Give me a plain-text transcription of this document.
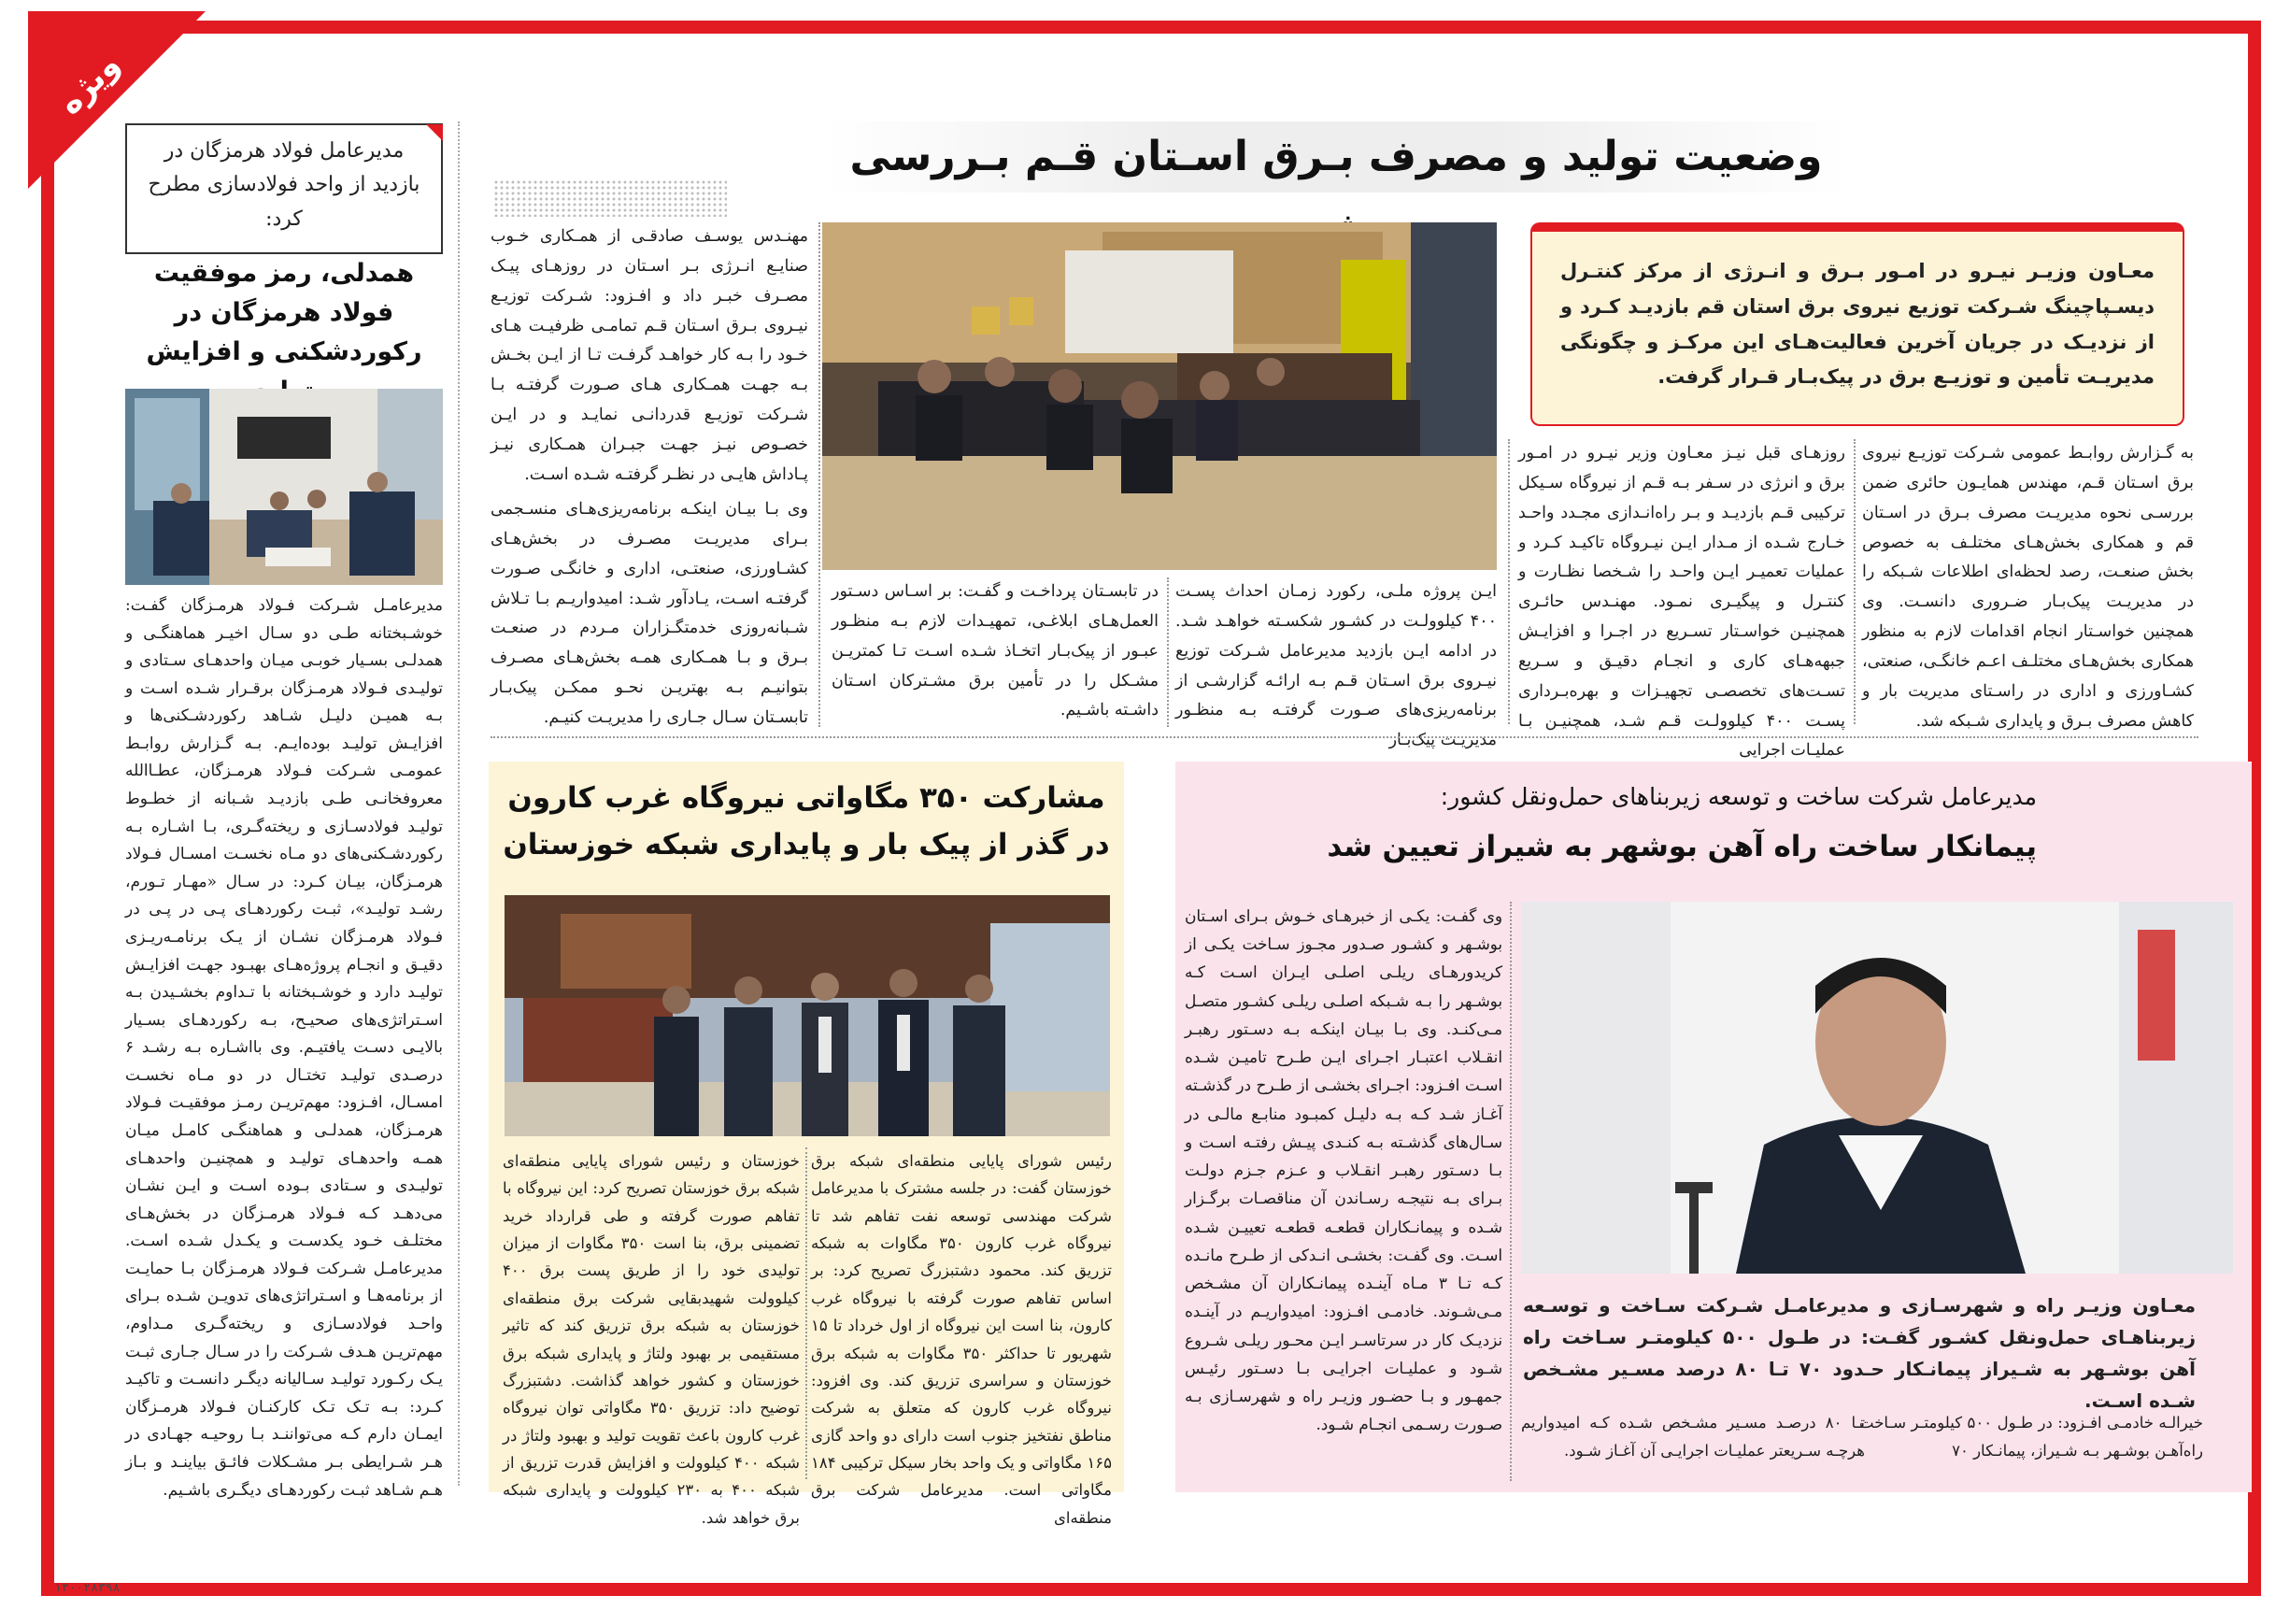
ویژه
۱۳۰۰۲۸۳۹۸
وضعیت تولید و مصرف بـرق اسـتان قـم بـررسی
معـاون وزیـر نیـرو در امـور بـرق و انـرژی از مرکز کنتـرل دیسـپاچینگ شـرکت توزیع نیروی برق استان قم بازدیـد کـرد و از نزدیـک در جریان آخرین فعالیت‌هـای این مرکـز و چگونگی مدیریـت تأمین و توزیـع برق در پیک‌بـار قـرار گرفت.
به گـزارش روابـط عمومی شـرکت توزیـع نیروی برق اسـتان قـم، مهندس همایـون حائری ضمن بررسـی نحوه مدیریـت مصرف بـرق در اسـتان قم و همکاری بخش‌هـای مختلـف به خصوص بخش صنعـت، رصد لحظه‌ای اطلاعات شـبکه را در مدیریـت پیک‌بـار ضـروری دانسـت. وی همچنین خواسـتار انجام اقدامات لازم به منظور همکاری بخش‌هـای مختلـف اعـم خانگـی، صنعتی، کشـاورزی و اداری در راسـتای مدیریت بار و کاهش مصرف بـرق و پایداری شـبکه شد.
روزهـای قبل نیـز معـاون وزیر نیـرو در امـور برق و انرژی در سـفر بـه قـم از نیروگاه سـیکل ترکیبی قـم بازدیـد و بـر راه‌انـدازی مجـدد واحـد خـارج شـده از مـدار ایـن نیـروگاه تاکیـد کـرد و عملیات تعمیـر ایـن واحـد را شـخصا نظـارت و کنتـرل و پیگیـری نمـود. مهنـدس حائـری همچنیـن خواسـتار تسـریع در اجـرا و افزایـش جبهه‌هـای کاری و انجـام دقیـق و سـریع تسـت‌های تخصصـی تجهیـزات و بهره‌بـرداری پسـت ۴۰۰ کیلوولـت قـم شـد، همچنیـن بـا عملیـات اجرایی
ایـن پروژه ملـی، رکورد زمـان احداث پسـت ۴۰۰ کیلوولـت در کشـور شکسـته خواهـد شـد. در ادامه ایـن بازدید مدیرعامل شـرکت توزیع نیـروی برق اسـتان قـم بـه ارائـه گزارشـی از برنامه‌ریزی‌های صـورت گرفتـه بـه منظـور مدیریـت پیک‌بـار
در تابسـتان پرداخـت و گفـت: بر اسـاس دسـتور العمل‌هـای ابلاغـی، تمهیـدات لازم بـه منظـور عبـور از پیک‌بـار اتخـاذ شـده اسـت تـا کمتریـن مشـکل را در تأمین برق مشـترکان اسـتان داشـته باشـیم.
مهنـدس یوسـف صادقـی از همـکاری خـوب صنایـع انـرژی بـر اسـتان در روزهـای پیـک مصـرف خبـر داد و افـزود: شـرکت توزیـع نیـروی بـرق اسـتان قـم تمامـی ظرفیـت هـای خـود را بـه کار خواهـد گرفـت تـا از ایـن بخـش بـه جهـت همـکاری هـای صـورت گرفتـه بـا شـرکت توزیـع قدردانـی نمایـد و در ایـن خصـوص نیـز جهـت جبـران همـکاری نیـز پـاداش هایـی در نظـر گرفتـه شـده اسـت.
وی بـا بیـان اینکـه برنامه‌ریزی‌هـای منسـجمی بـرای مدیریـت مصـرف در بخش‌هـای کشـاورزی، صنعتـی، اداری و خانگـی صـورت گرفتـه اسـت، یـادآور شـد: امیدواریـم بـا تـلاش شـبانه‌روزی خدمتگـزاران مـردم در صنعـت بـرق و بـا همـکاری همـه بخش‌هـای مصـرف بتوانیـم بـه بهتریـن نحـو ممکـن پیک‌بـار تابسـتان سـال جـاری را مدیریـت کنیـم.
مدیرعامل فولاد هرمزگان در بازدید از واحد فولادسازی مطرح کرد:
همدلی، رمز موفقیت فولاد هرمزگان در رکوردشکنی و افزایش
مدیرعامـل شـرکت فـولاد هرمـزگان گفـت: خوشـبختانه طـی دو سـال اخیـر هماهنگـی و همدلـی بسـیار خوبـی میـان واحدهـای سـتادی و تولیـدی فـولاد هرمـزگان برقـرار شـده اسـت و بـه همیـن دلیـل شـاهد رکوردشـکنی‌ها و افزایـش تولیـد بوده‌ایـم. بـه گـزارش روابـط عمومـی شـرکت فـولاد هرمـزگان، عطـاالله معروفخانـی طـی بازدیـد شـبانه از خطـوط تولیـد فولادسـازی و ریخته‌گـری، بـا اشـاره بـه رکوردشـکنی‌های دو مـاه نخسـت امسـال فـولاد هرمـزگان، بیـان کـرد: در سـال «مهـار تـورم، رشـد تولیـد»، ثبـت رکوردهـای پـی در پـی در فـولاد هرمـزگان نشـان از یـک برنامـه‌ریـزی دقیـق و انجـام پروژه‌هـای بهبـود جهـت افزایـش تولیـد دارد و خوشـبختانه با تـداوم بخشـیدن بـه اسـتراتژی‌های صحیـح، بـه رکوردهـای بسـیار بالایـی دسـت یافتیـم. وی بااشـاره بـه رشـد ۶ درصـدی تولیـد تختـال در دو مـاه نخسـت امسـال، افـزود: مهم‌تریـن رمـز موفقیـت فـولاد هرمـزگان، همدلـی و هماهنگـی کامـل میـان همـه واحدهـای تولیـد و همچنیـن واحدهـای تولیـدی و سـتادی بـوده اسـت و ایـن نشـان می‌دهـد کـه فـولاد هرمـزگان در بخش‌هـای مختلـف خـود یکدسـت و یکـدل شـده اسـت. مدیرعامـل شـرکت فـولاد هرمـزگان بـا حمایـت از برنامه‌هـا و اسـتراتژی‌های تدویـن شـده بـرای واحـد فولادسـازی و ریخته‌گـری مـداوم، مهم‌تریـن هـدف شـرکت را در سـال جـاری ثبـت یـک رکـورد تولیـد سـالیانه دیگـر دانسـت و تاکیـد کـرد: بـه تـک تـک کارکنـان فـولاد هرمـزگان ایمـان دارم کـه می‌تواننـد بـا روحیـه جهـادی در هـر شـرایطی بـر مشـکلات فائـق بیاینـد و بـاز هـم شـاهد ثبـت رکوردهـای دیگـری باشـیم.
مشارکت ۳۵۰ مگاواتی نیروگاه غرب کارون در گذر از پیک بار و پایداری شبکه خوزستان
رئیس شورای پایایی منطقه‌ای شبکه برق خوزستان گفت: در جلسه مشترک با مدیرعامل شرکت مهندسی توسعه نفت تفاهم شد تا نیروگاه غرب کارون ۳۵۰ مگاوات به شبکه تزریق کند. محمود دشتبزرگ تصریح کرد: بر اساس تفاهم صورت گرفته با نیروگاه غرب کارون، بنا است این نیروگاه از اول خرداد تا ۱۵ شهریور تا حداکثر ۳۵۰ مگاوات به شبکه برق خوزستان و سراسری تزریق کند. وی افزود: نیروگاه غرب کارون که متعلق به شرکت مناطق نفتخیز جنوب است دارای دو واحد گازی ۱۶۵ مگاواتی و یک واحد بخار سیکل ترکیبی ۱۸۴ مگاواتی است. مدیرعامل شرکت برق منطقه‌ای
خوزستان و رئیس شورای پایایی منطقه‌ای شبکه برق خوزستان تصریح کرد: این نیروگاه با تفاهم صورت گرفته و طی قرارداد خرید تضمینی برق، بنا است ۳۵۰ مگاوات از میزان تولیدی خود را از طریق پست برق ۴۰۰ کیلوولت شهیدبقایی شرکت برق منطقه‌ای خوزستان به شبکه برق تزریق کند که تاثیر مستقیمی بر بهبود ولتاژ و پایداری شبکه برق خوزستان و کشور خواهد گذاشت. دشتبزرگ توضیح داد: تزریق ۳۵۰ مگاواتی توان نیروگاه غرب کارون باعث تقویت تولید و بهبود ولتاژ در شبکه ۴۰۰ کیلوولت و افزایش قدرت تزریق از شبکه ۴۰۰ به ۲۳۰ کیلوولت و پایداری شبکه برق خواهد شد.
مدیرعامل شرکت ساخت و توسعه زیربناهای حمل‌ونقل کشور:
پیمانکار ساخت راه آهن بوشهر به شیراز تعیین شد
معـاون وزیـر راه و شهرسـازی و مدیرعامـل شـرکت سـاخت و توسـعه زیربناهـای حمل‌ونقل کشـور گفـت: در طـول ۵۰۰ کیلومتـر سـاخت راه آهن بوشـهر به شـیراز پیمانـکار حـدود ۷۰ تـا ۸۰ درصد مسـیر مشـخص شـده اسـت.
تـا ۸۰ درصـد مسـیر مشـخص شـده کـه امیدواریم هرچـه سـریعتر عملیـات اجرایـی آن آغـاز شـود.
خیرالـه خادمـی افـزود: در طـول ۵۰۰ کیلومتـر سـاخت راه‌آهـن بوشـهر بـه شـیراز، پیمانـکار ۷۰
وی گفـت: یکـی از خبرهـای خـوش بـرای اسـتان بوشـهر و کشـور صـدور مجـوز سـاخت یکـی از کریدورهـای ریلـی اصلـی ایـران اسـت کـه بوشـهر را بـه شـبکه اصلـی ریلـی کشـور متصـل مـی‌کنـد. وی بـا بیـان اینکـه بـه دسـتور رهبـر انقـلاب اعتبـار اجـرای ایـن طـرح تامیـن شـده اسـت افـزود: اجـرای بخشـی از طـرح در گذشـته آغـاز شـد کـه بـه دلیـل کمبـود منابـع مالـی در سـال‌های گذشـته بـه کنـدی پیـش رفتـه اسـت و بـا دسـتور رهبـر انقـلاب و عـزم جـزم دولـت بـرای بـه نتیجـه رسـاندن آن مناقصـات برگـزار شـده و پیمانـکاران قطعـه قطعـه تعییـن شـده اسـت. وی گفـت: بخشـی انـدکی از طـرح مانـده کـه تـا ۳ مـاه آینـده پیمانـکاران آن مشـخص مـی‌شـوند. خادمـی افـزود: امیدواریـم در آینـده نزدیـک کار در سرتاسـر ایـن محـور ریلـی شـروع شـود و عملیـات اجرایـی بـا دسـتور رئیـس جمهـور و بـا حضـور وزیـر راه و شهرسـازی بـه صـورت رسـمی انجـام شـود.
